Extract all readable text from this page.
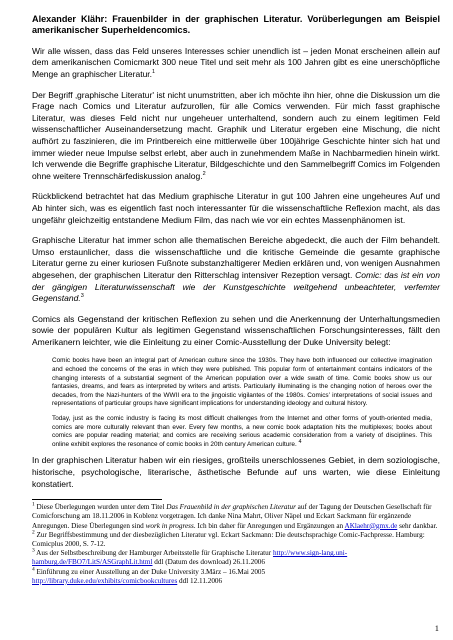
Alexander Klähr: Frauenbilder in der graphischen Literatur. Vorüberlegungen am Beispiel amerikanischer Superheldencomics.

Wir alle wissen, dass das Feld unseres Interesses schier unendlich ist – jeden Monat erscheinen allein auf dem amerikanischen Comicmarkt 300 neue Titel und seit mehr als 100 Jahren gibt es eine unerschöpfliche Menge an graphischer Literatur.$^1$

Der Begriff ‚graphische Literatur' ist nicht unumstritten, aber ich möchte ihn hier, ohne die Diskussion um die Frage nach Comics und Literatur aufzurollen, für alle Comics verwenden. Für mich fasst graphische Literatur, was dieses Feld nicht nur ungeheuer unterhaltend, sondern auch zu einem legitimen Feld wissenschaftlicher Auseinandersetzung macht. Graphik und Literatur ergeben eine Mischung, die nicht aufhört zu faszinieren, die im Printbereich eine mittlerweile über 100jährige Geschichte hinter sich hat und immer wieder neue Impulse selbst erlebt, aber auch in zunehmendem Maße in Nachbarmedien hinein wirkt. Ich verwende die Begriffe graphische Literatur, Bildgeschichte und den Sammelbegriff Comics im Folgenden ohne weitere Trennschärfediskussion analog.$^2$

Rückblickend betrachtet hat das Medium graphische Literatur in gut 100 Jahren eine ungeheures Auf und Ab hinter sich, was es eigentlich fast noch interessanter für die wissenschaftliche Reflexion macht, als das ungefähr gleichzeitig entstandene Medium Film, das nach wie vor ein echtes Massenphänomen ist.

Graphische Literatur hat immer schon alle thematischen Bereiche abgedeckt, die auch der Film behandelt. Umso erstaunlicher, dass die wissenschaftliche und die kritische Gemeinde die gesamte graphische Literatur gerne zu einer kuriosen Fußnote substanzhaltigerer Medien erklären und, von wenigen Ausnahmen abgesehen, der graphischen Literatur den Ritterschlag intensiver Rezeption versagt. Comic: das ist ein von der gängigen Literaturwissenschaft wie der Kunstgeschichte weitgehend unbeachteter, verfemter Gegenstand.$^3$

Comics als Gegenstand der kritischen Reflexion zu sehen und die Anerkennung der Unterhaltungsmedien sowie der populären Kultur als legitimen Gegenstand wissenschaftlichen Forschungsinteresses, fällt den Amerikanern leichter, wie die Einleitung zu einer Comic-Ausstellung der Duke University belegt:

Comic books have been an integral part of American culture since the 1930s. They have both influenced our collective imagination and echoed the concerns of the eras in which they were published. This popular form of entertainment contains indicators of the changing interests of a substantial segment of the American population over a wide swath of time. Comic books show us our fantasies, dreams, and fears as interpreted by writers and artists. Particularly illuminating is the changing notion of heroes over the decades, from the Nazi-hunters of the WWII era to the jingoistic vigilantes of the 1980s. Comics' interpretations of social issues and representations of particular groups have significant implications for understanding ideology and cultural history.

Today, just as the comic industry is facing its most difficult challenges from the Internet and other forms of youth-oriented media, comics are more culturally relevant than ever. Every few months, a new comic book adaptation hits the multiplexes; books about comics are popular reading material; and comics are receiving serious academic consideration from a variety of disciplines. This online exhibit explores the resonance of comic books in 20th century American culture. $^4$

In der graphischen Literatur haben wir ein riesiges, großteils unerschlossenes Gebiet, in dem soziologische, historische, psychologische, literarische, ästhetische Befunde auf uns warten, wie diese Einleitung konstatiert.

$^1$ Diese Überlegungen wurden unter dem Titel Das Frauenbild in der graphischen Literatur auf der Tagung der Deutschen Gesellschaft für Comicforschung am 18.11.2006 in Koblenz vorgetragen. Ich danke Nina Mahrt, Oliver Näpel und Eckart Sackmann für ergänzende Anregungen. Diese Überlegungen sind work in progress. Ich bin daher für Anregungen und Ergänzungen an AKlaehr@gmx.de sehr dankbar.

$^2$ Zur Begriffsbestimmung und der diesbezüglichen Literatur vgl. Eckart Sackmann: Die deutschsprachige Comic-Fachpresse. Hamburg: Comicplus 2000, S. 7-12.

$^3$ Aus der Selbstbeschreibung der Hamburger Arbeitsstelle für Graphische Literatur http://www.sign-lang.uni-hamburg.de/FBO7/LitS/ASGraphLit.html ddl (Datum des download) 26.11.2006

$^4$ Einführung zu einer Ausstellung an der Duke University 3.März – 16.Mai 2005
http://library.duke.edu/exhibits/comicbookcultures ddl 12.11.2006

1
